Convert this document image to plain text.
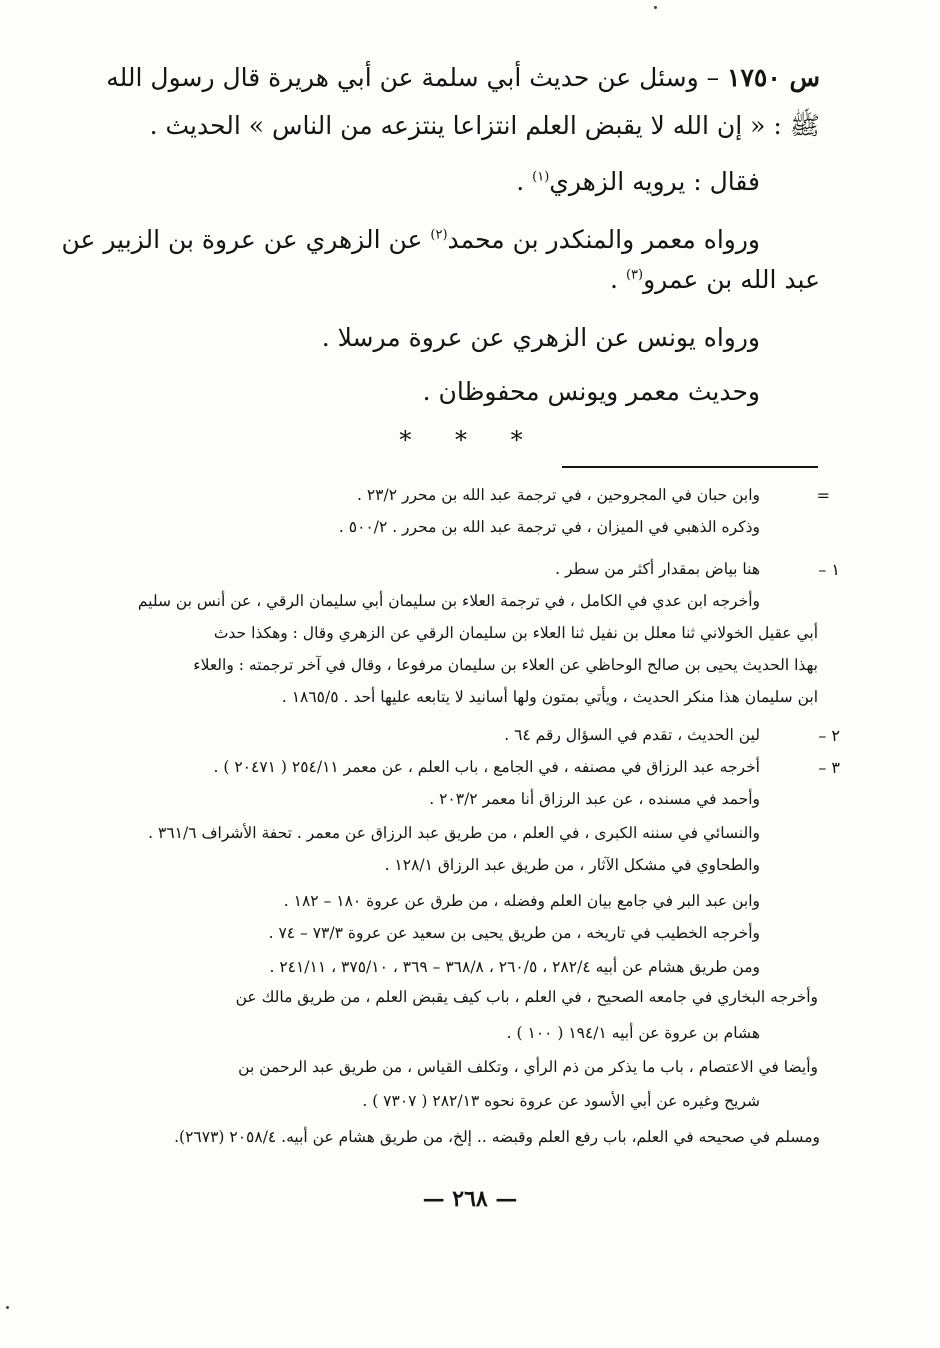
س ١٧٥٠ – وسئل عن حديث أبي سلمة عن أبي هريرة قال رسول الله
ﷺ : « إن الله لا يقبض العلم انتزاعا ينتزعه من الناس » الحديث .
فقال : يرويه الزهري$^{(١)}$ .
ورواه معمر والمنكدر بن محمد$^{(٢)}$ عن الزهري عن عروة بن الزبير عن
عبد الله بن عمرو$^{(٣)}$ .
ورواه يونس عن الزهري عن عروة مرسلا .
وحديث معمر ويونس محفوظان .
* * *
=
وابن حبان في المجروحين ، في ترجمة عبد الله بن محرر ٢٣/٢ .
وذكره الذهبي في الميزان ، في ترجمة عبد الله بن محرر . ٥٠٠/٢ .
١ –
هنا بياض بمقدار أكثر من سطر .
وأخرجه ابن عدي في الكامل ، في ترجمة العلاء بن سليمان أبي سليمان الرقي ، عن أنس بن سليم
أبي عقيل الخولاني ثنا معلل بن نفيل ثنا العلاء بن سليمان الرقي عن الزهري وقال : وهكذا حدث
بهذا الحديث يحيى بن صالح الوحاظي عن العلاء بن سليمان مرفوعا ، وقال في آخر ترجمته : والعلاء
ابن سليمان هذا منكر الحديث ، ويأتي بمتون ولها أسانيد لا يتابعه عليها أحد . ١٨٦٥/٥ .
٢ –
لين الحديث ، تقدم في السؤال رقم ٦٤ .
٣ –
أخرجه عبد الرزاق في مصنفه ، في الجامع ، باب العلم ، عن معمر ٢٥٤/١١ ( ٢٠٤٧١ ) .
وأحمد في مسنده ، عن عبد الرزاق أنا معمر ٢٠٣/٢ .
والنسائي في سننه الكبرى ، في العلم ، من طريق عبد الرزاق عن معمر . تحفة الأشراف ٣٦١/٦ .
والطحاوي في مشكل الآثار ، من طريق عبد الرزاق ١٢٨/١ .
وابن عبد البر في جامع بيان العلم وفضله ، من طرق عن عروة ١٨٠ – ١٨٢ .
وأخرجه الخطيب في تاريخه ، من طريق يحيى بن سعيد عن عروة ٧٣/٣ – ٧٤ .
ومن طريق هشام عن أبيه ٢٨٢/٤ ، ٢٦٠/٥ ، ٣٦٨/٨ – ٣٦٩ ، ٣٧٥/١٠ ، ٢٤١/١١ .
وأخرجه البخاري في جامعه الصحيح ، في العلم ، باب كيف يقبض العلم ، من طريق مالك عن
هشام بن عروة عن أبيه ١٩٤/١ ( ١٠٠ ) .
وأيضا في الاعتصام ، باب ما يذكر من ذم الرأي ، وتكلف القياس ، من طريق عبد الرحمن بن
شريح وغيره عن أبي الأسود عن عروة نحوه ٢٨٢/١٣ ( ٧٣٠٧ ) .
ومسلم في صحيحه في العلم، باب رفع العلم وقبضه .. إلخ، من طريق هشام عن أبيه. ٢٠٥٨/٤ (٢٦٧٣).
— ٢٦٨ —
